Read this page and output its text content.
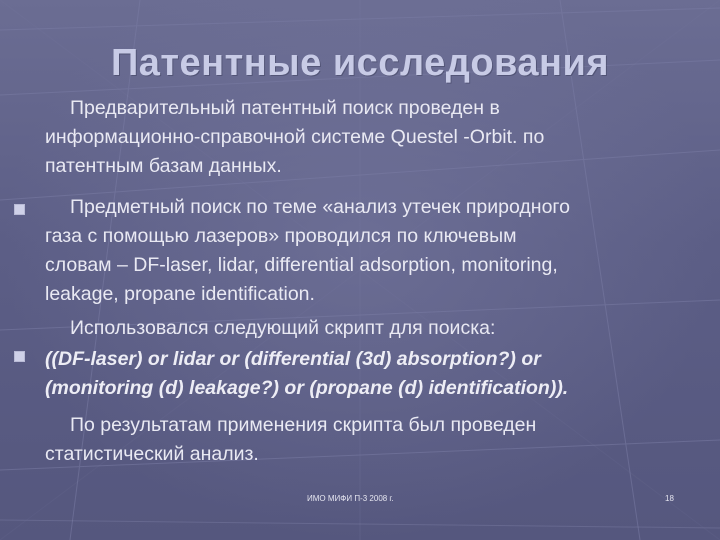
Патентные исследования
Предварительный патентный поиск проведен в
информационно-справочной системе Questel -Orbit. по
патентным базам данных.
Предметный поиск по теме «анализ утечек природного
газа с помощью лазеров» проводился по ключевым
словам – DF-laser, lidar, differential adsorption, monitoring,
leakage, propane identification.
Использовался следующий скрипт для поиска:
((DF-laser) or lidar or (differential (3d) absorption?) or
(monitoring (d) leakage?) or (propane (d) identification)).
По результатам применения скрипта был проведен
статистический анализ.
ИМО МИФИ П-3 2008 г.	18
